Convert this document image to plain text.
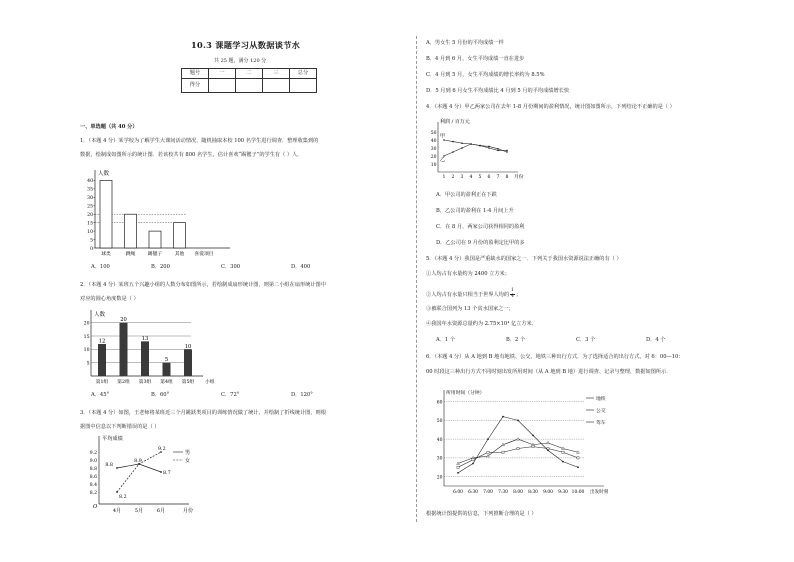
10.3 课题学习从数据谈节水
共 25 题，满分 120 分
题号	一	二	三	总分
得分				
一、单选题（共 40 分）
1．（本题 4 分）某学校为了解学生大课间活动情况，随机抽取本校 100 名学生进行调查．整理收集到的
数据，绘制成如图所示的统计图．若该校共有 800 名学生，估计喜欢“踢毽子”的学生有（ ）人．
人数
0
5
10
15
20
25
30
35
40
球类	跳绳	踢毽子	其他 喜爱项目
A．100	B．200	C．300	D．400
2．（本题 4 分）某班五个兴趣小组的人数分布如图所示，若绘制成扇形统计图，则第二小组在扇形统计图中
对应的圆心角度数是（ ）
人数
5
10
15
20
12
20
13
5
10
第1组 第2组 第3组 第4组 第5组 小组
A．45°	B．60°	C．72°	D．120°
3．（本题 4 分）如图，王老师将某班近三个月跳跃类项目的训练情况做了统计，并绘制了折线统计图，则根
据图中信息以下判断错误的是（ ）
平均成绩
O
8.2
8.4
8.6
8.8
9.0
9.2
4月	5月	6月	月份
8.8
8.9
8.7
8.2
9.2
男
女
A．男女生 5 月份的平均成绩一样
B．4 月到 6 月，女生平均成绩一直在进步
C．4 月到 5 月，女生平均成绩的增长率约为 8.5%
D．5 月到 6 月女生平均成绩比 4 月到 5 月的平均成绩增长快
4．（本题 4 分）甲乙两家公司在去年 1-8 月份期间的盈利情况，统计图如图所示，下列结论不正确的是（ ）
利润 / 百万元
10
20
30
40
50
1 2 3 4 5 6 7 8 月份
甲
乙
A．甲公司的盈利正在下跌
B．乙公司的盈利在 1-4 月间上升
C．在 8 月，两家公司获得相同的盈利
D．乙公司在 9 月份的盈利定比甲的多
5．（本题 4 分）我国是严重缺水的国家之一．下列关于我国水资源说法正确的有（ ）
①人均占有水量约为 2400 立方米；
②人均占有水量只相当于世界人均的 $\frac{1}{4}$ ；
③被联合国列为 13 个贫水国家之一；
④我国年水资源总量约为 2.75×10⁴ 亿立方米．
A．1 个	B．2 个	C．3 个	D．4 个
6．（本题 4 分）从 A 地到 B 地有地铁、公交、地铁三种出行方式．为了选择适合的出行方式，对 6：00—10：
00 时段这三种出行方式不同时刻出发所用时间（从 A 地到 B 地）进行调查、记录与整理，数据如图所示．
所用时间（分钟）
20
30
40
50
60
6:00 6:30 7:00 7:30 8:00 8:30 9:00 9:30 10:00 出发时刻
地铁
公交
驾车
根据统计图提供的信息，下列推断合理的是（ ）
